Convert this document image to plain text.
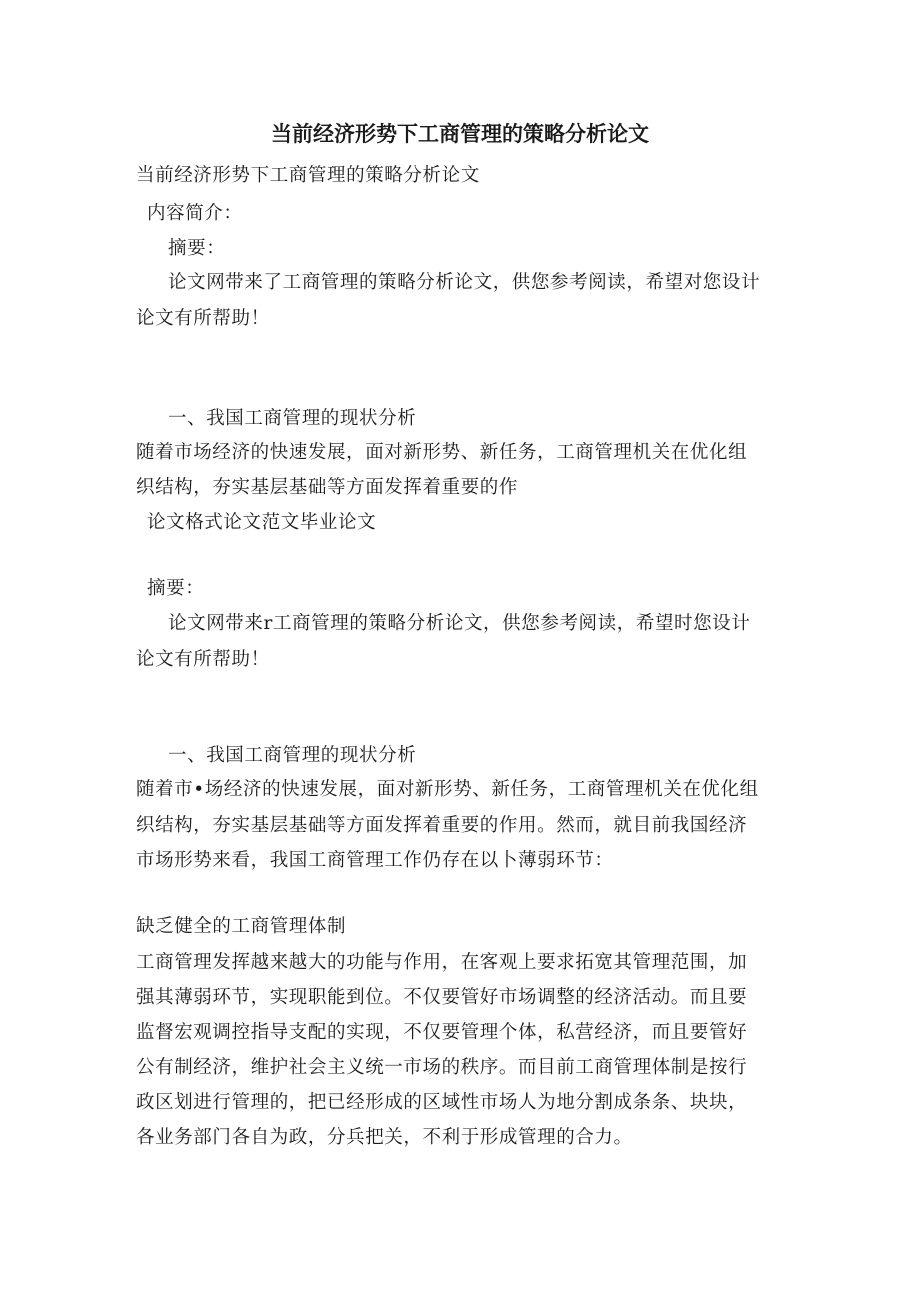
当前经济形势下工商管理的策略分析论文
当前经济形势下工商管理的策略分析论文
内容简介：
摘要：
论文网带来了工商管理的策略分析论文，供您参考阅读，希望对您设计
论文有所帮助！
一、我国工商管理的现状分析
随着市场经济的快速发展，面对新形势、新任务，工商管理机关在优化组
织结构，夯实基层基础等方面发挥着重要的作
论文格式论文范文毕业论文
摘要：
论文网带来r工商管理的策略分析论文，供您参考阅读，希望时您设计
论文有所帮助！
一、我国工商管理的现状分析
随着市•场经济的快速发展，面对新形势、新任务，工商管理机关在优化组
织结构，夯实基层基础等方面发挥着重要的作用。然而，就目前我国经济
市场形势来看，我国工商管理工作仍存在以卜薄弱环节：
缺乏健全的工商管理体制
工商管理发挥越来越大的功能与作用，在客观上要求拓宽其管理范围，加
强其薄弱环节，实现职能到位。不仅要管好市场调整的经济活动。而且要
监督宏观调控指导支配的实现，不仅要管理个体，私营经济，而且要管好
公有制经济，维护社会主义统一市场的秩序。而目前工商管理体制是按行
政区划进行管理的，把已经形成的区域性市场人为地分割成条条、块块，
各业务部门各自为政，分兵把关，不利于形成管理的合力。
